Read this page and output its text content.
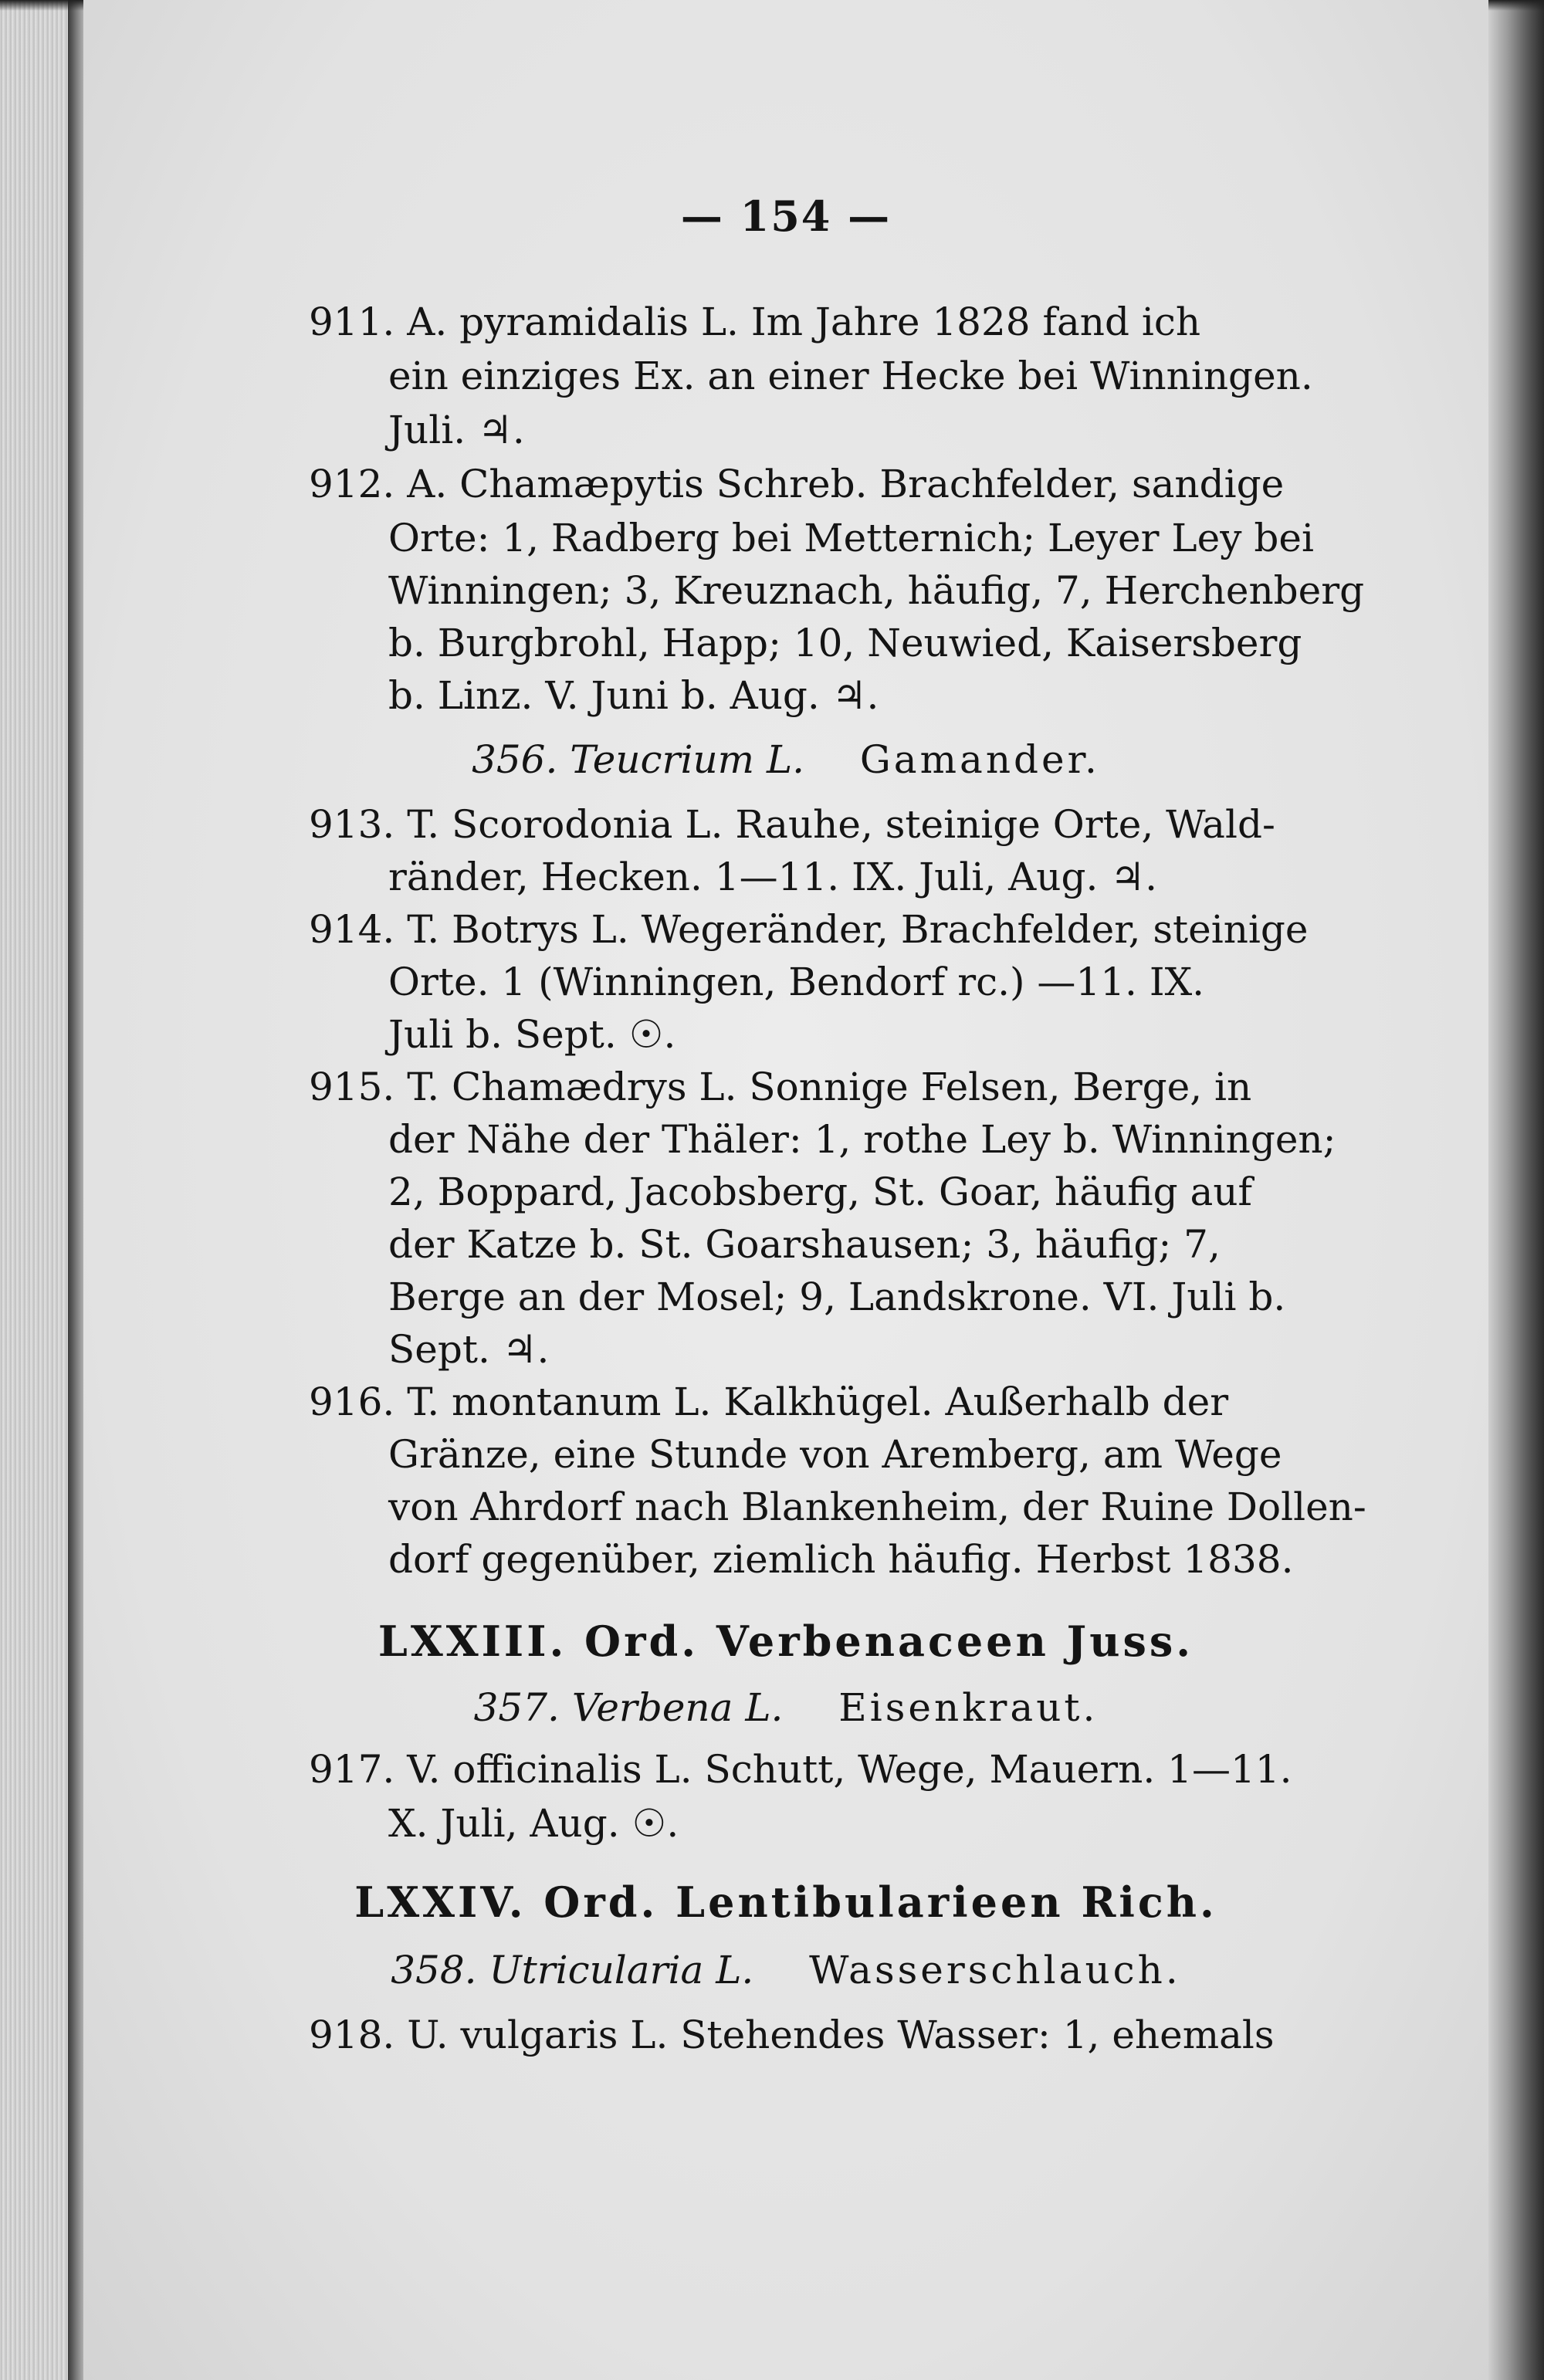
— 154 —
911. A. pyramidalis L. Im Jahre 1828 fand ich
ein einziges Ex. an einer Hecke bei Winningen.
Juli. ♃.
912. A. Chamæpytis Schreb. Brachfelder, sandige
Orte: 1, Radberg bei Metternich; Leyer Ley bei
Winningen; 3, Kreuznach, häufig, 7, Herchenberg
b. Burgbrohl, Happ; 10, Neuwied, Kaisersberg
b. Linz. V. Juni b. Aug. ♃.
356. Teucrium L. Gamander.
913. T. Scorodonia L. Rauhe, steinige Orte, Wald-
ränder, Hecken. 1—11. IX. Juli, Aug. ♃.
914. T. Botrys L. Wegeränder, Brachfelder, steinige
Orte. 1 (Winningen, Bendorf rc.) —11. IX.
Juli b. Sept. ☉.
915. T. Chamædrys L. Sonnige Felsen, Berge, in
der Nähe der Thäler: 1, rothe Ley b. Winningen;
2, Boppard, Jacobsberg, St. Goar, häufig auf
der Katze b. St. Goarshausen; 3, häufig; 7,
Berge an der Mosel; 9, Landskrone. VI. Juli b.
Sept. ♃.
916. T. montanum L. Kalkhügel. Außerhalb der
Gränze, eine Stunde von Aremberg, am Wege
von Ahrdorf nach Blankenheim, der Ruine Dollen-
dorf gegenüber, ziemlich häufig. Herbst 1838.
LXXIII. Ord. Verbenaceen Juss.
357. Verbena L. Eisenkraut.
917. V. officinalis L. Schutt, Wege, Mauern. 1—11.
X. Juli, Aug. ☉.
LXXIV. Ord. Lentibularieen Rich.
358. Utricularia L. Wasserschlauch.
918. U. vulgaris L. Stehendes Wasser: 1, ehemals
